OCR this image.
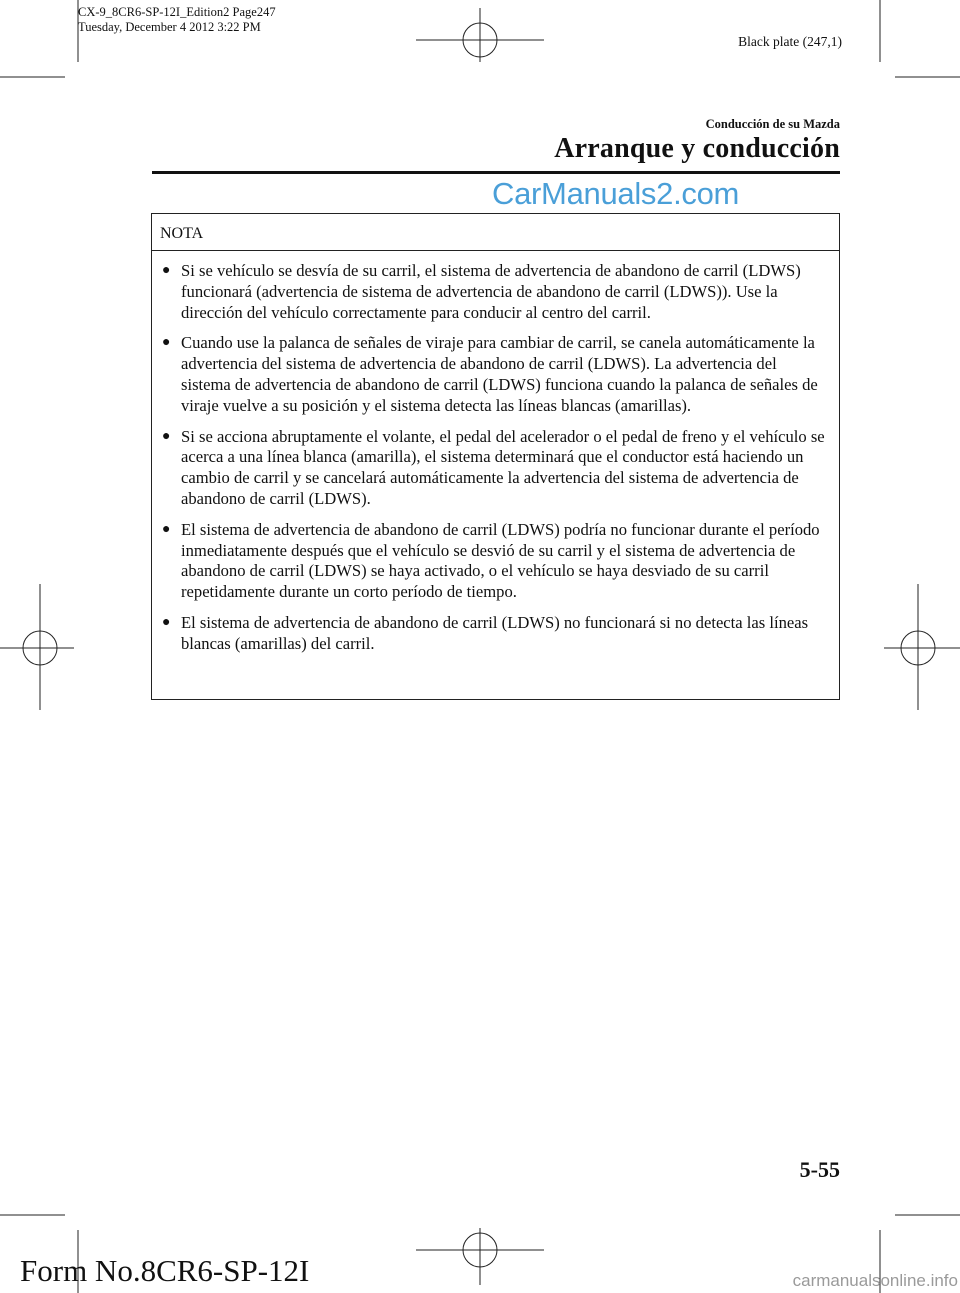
CX-9_8CR6-SP-12I_Edition2 Page247
Tuesday, December 4 2012 3:22 PM
Black plate (247,1)
Conducción de su Mazda
Arranque y conducción
CarManuals2.com
NOTA
● Si se vehículo se desvía de su carril, el sistema de advertencia de abandono de carril (LDWS) funcionará (advertencia de sistema de advertencia de abandono de carril (LDWS)). Use la dirección del vehículo correctamente para conducir al centro del carril.
● Cuando use la palanca de señales de viraje para cambiar de carril, se canela automáticamente la advertencia del sistema de advertencia de abandono de carril (LDWS). La advertencia del sistema de advertencia de abandono de carril (LDWS) funciona cuando la palanca de señales de viraje vuelve a su posición y el sistema detecta las líneas blancas (amarillas).
● Si se acciona abruptamente el volante, el pedal del acelerador o el pedal de freno y el vehículo se acerca a una línea blanca (amarilla), el sistema determinará que el conductor está haciendo un cambio de carril y se cancelará automáticamente la advertencia del sistema de advertencia de abandono de carril (LDWS).
● El sistema de advertencia de abandono de carril (LDWS) podría no funcionar durante el período inmediatamente después que el vehículo se desvió de su carril y el sistema de advertencia de abandono de carril (LDWS) se haya activado, o el vehículo se haya desviado de su carril repetidamente durante un corto período de tiempo.
● El sistema de advertencia de abandono de carril (LDWS) no funcionará si no detecta las líneas blancas (amarillas) del carril.
5-55
Form No.8CR6-SP-12I	carmanualsonline.info
